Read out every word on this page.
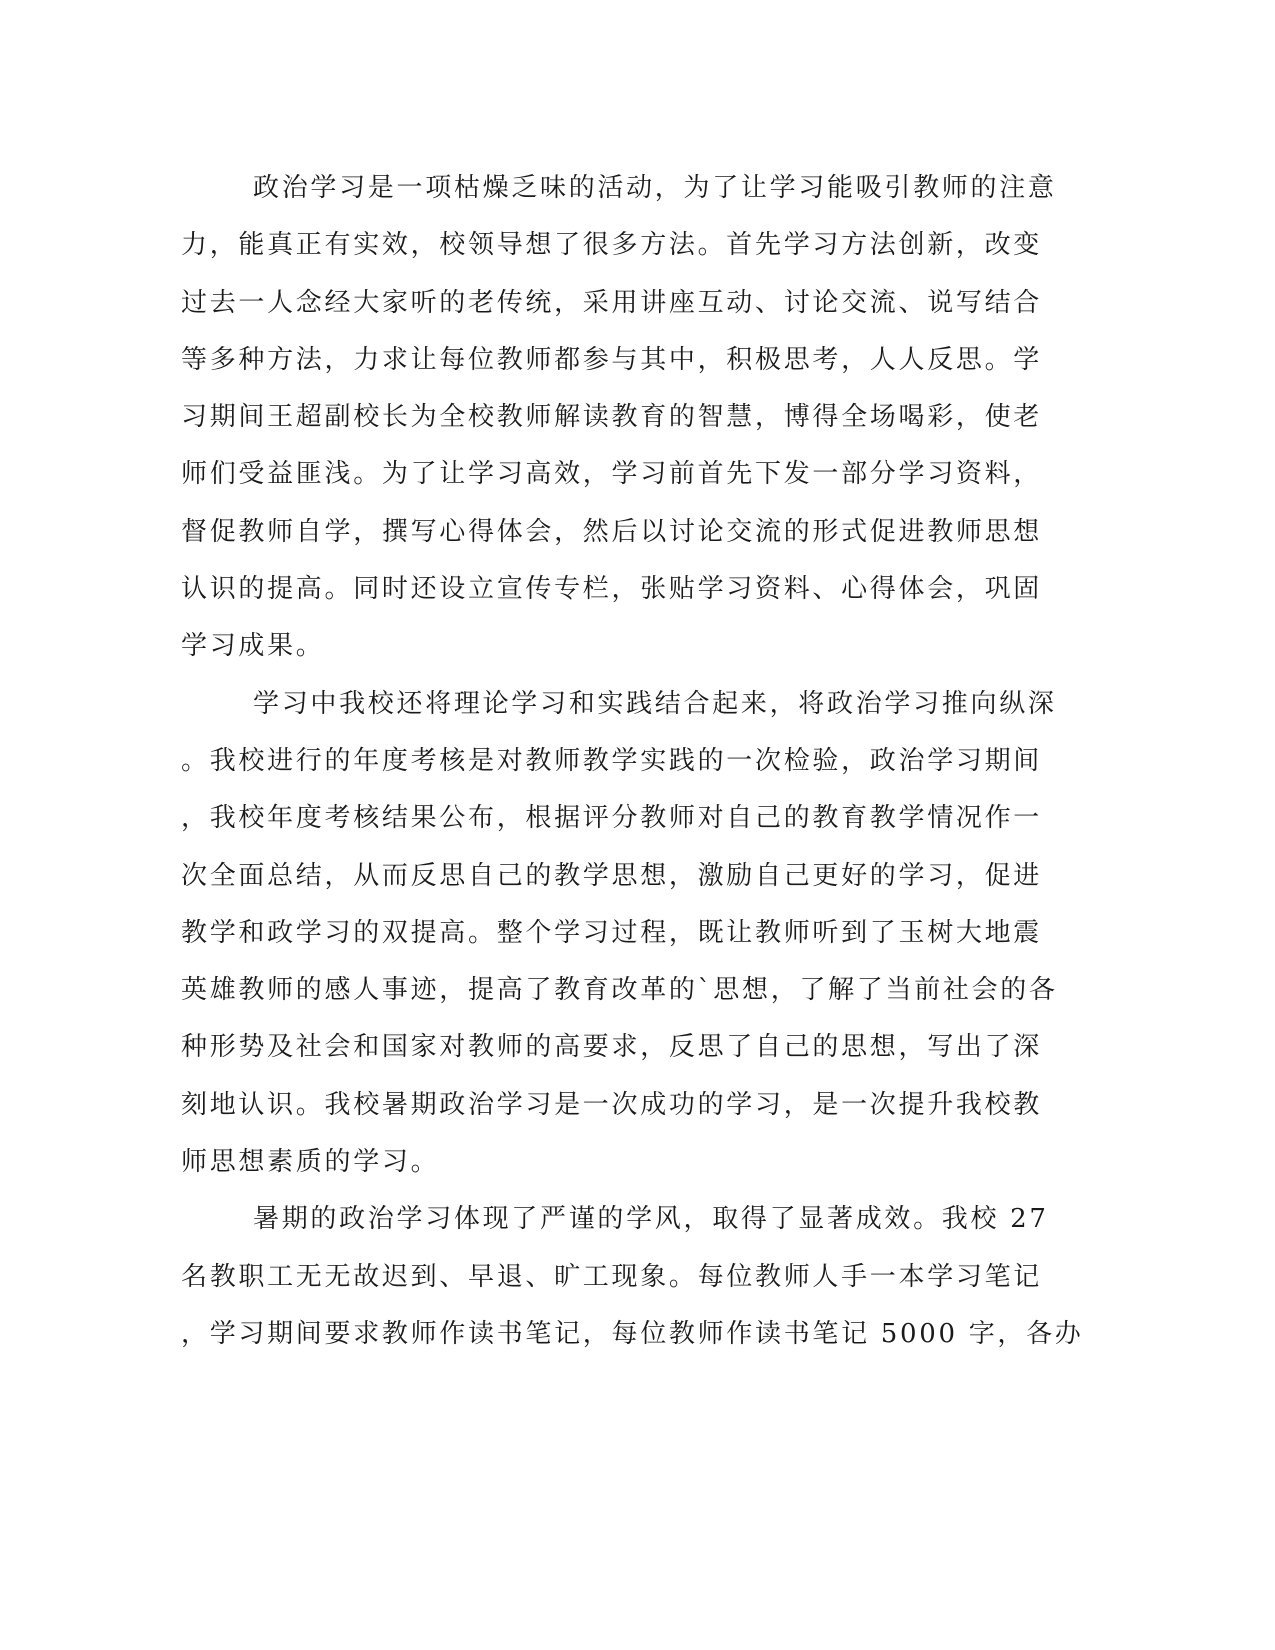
政治学习是一项枯燥乏味的活动，为了让学习能吸引教师的注意
力，能真正有实效，校领导想了很多方法。首先学习方法创新，改变
过去一人念经大家听的老传统，采用讲座互动、讨论交流、说写结合
等多种方法，力求让每位教师都参与其中，积极思考，人人反思。学
习期间王超副校长为全校教师解读教育的智慧，博得全场喝彩，使老
师们受益匪浅。为了让学习高效，学习前首先下发一部分学习资料，
督促教师自学，撰写心得体会，然后以讨论交流的形式促进教师思想
认识的提高。同时还设立宣传专栏，张贴学习资料、心得体会，巩固
学习成果。
学习中我校还将理论学习和实践结合起来，将政治学习推向纵深
。我校进行的年度考核是对教师教学实践的一次检验，政治学习期间
，我校年度考核结果公布，根据评分教师对自己的教育教学情况作一
次全面总结，从而反思自己的教学思想，激励自己更好的学习，促进
教学和政学习的双提高。整个学习过程，既让教师听到了玉树大地震
英雄教师的感人事迹，提高了教育改革的`思想，了解了当前社会的各
种形势及社会和国家对教师的高要求，反思了自己的思想，写出了深
刻地认识。我校暑期政治学习是一次成功的学习，是一次提升我校教
师思想素质的学习。
暑期的政治学习体现了严谨的学风，取得了显著成效。我校 27
名教职工无无故迟到、早退、旷工现象。每位教师人手一本学习笔记
，学习期间要求教师作读书笔记，每位教师作读书笔记 5000 字，各办
